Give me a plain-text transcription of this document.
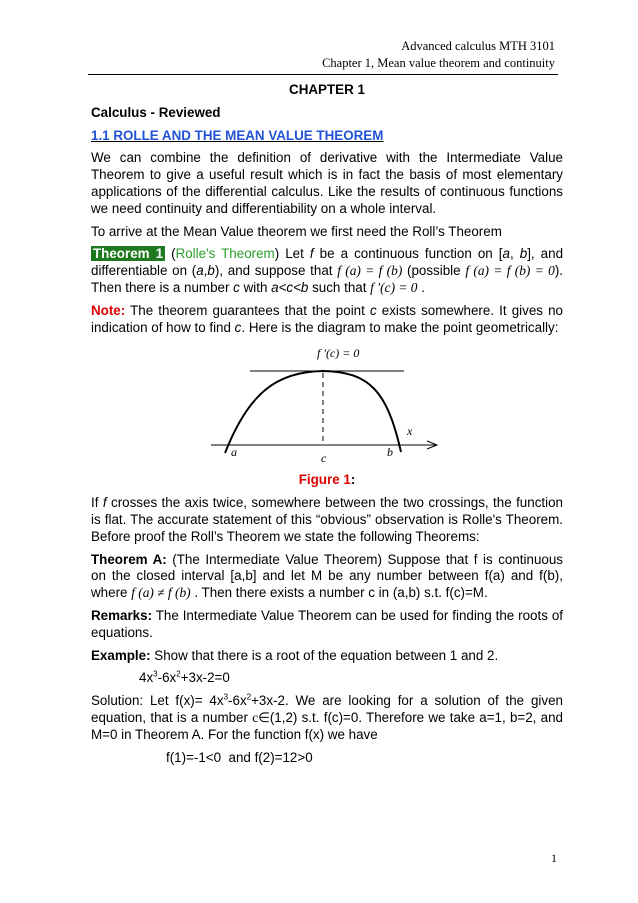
Advanced calculus MTH 3101
Chapter 1, Mean value theorem and continuity

CHAPTER 1

Calculus - Reviewed

1.1 ROLLE AND THE MEAN VALUE THEOREM

We can combine the definition of derivative with the Intermediate Value Theorem to give a useful result which is in fact the basis of most elementary applications of the differential calculus. Like the results of continuous functions we need continuity and differentiability on a whole interval.

To arrive at the Mean Value theorem we first need the Roll’s Theorem

Theorem 1 (Rolle's Theorem) Let f be a continuous function on [a, b], and differentiable on (a,b), and suppose that f (a) = f (b) (possible f (a) = f (b) = 0). Then there is a number c with a<c<b such that f ′(c) = 0 .

Note: The theorem guarantees that the point c exists somewhere. It gives no indication of how to find c. Here is the diagram to make the point geometrically:

f ′(c) = 0
x
a	c	b

Figure 1:

If f crosses the axis twice, somewhere between the two crossings, the function is flat. The accurate statement of this “obvious” observation is Rolle's Theorem. Before proof the Roll’s Theorem we state the following Theorems:

Theorem A: (The Intermediate Value Theorem) Suppose that f is continuous on the closed interval [a,b] and let M be any number between f(a) and f(b), where f (a) ≠ f (b) . Then there exists a number c in (a,b) s.t. f(c)=M.

Remarks: The Intermediate Value Theorem can be used for finding the roots of equations.

Example: Show that there is a root of the equation between 1 and 2.

$4x^3-6x^2+3x-2=0$

Solution: Let $f(x)= 4x^3-6x^2+3x-2$. We are looking for a solution of the given equation, that is a number c∈(1,2) s.t. f(c)=0. Therefore we take a=1, b=2, and M=0 in Theorem A. For the function f(x) we have

f(1)=-1<0  and f(2)=12>0

1
